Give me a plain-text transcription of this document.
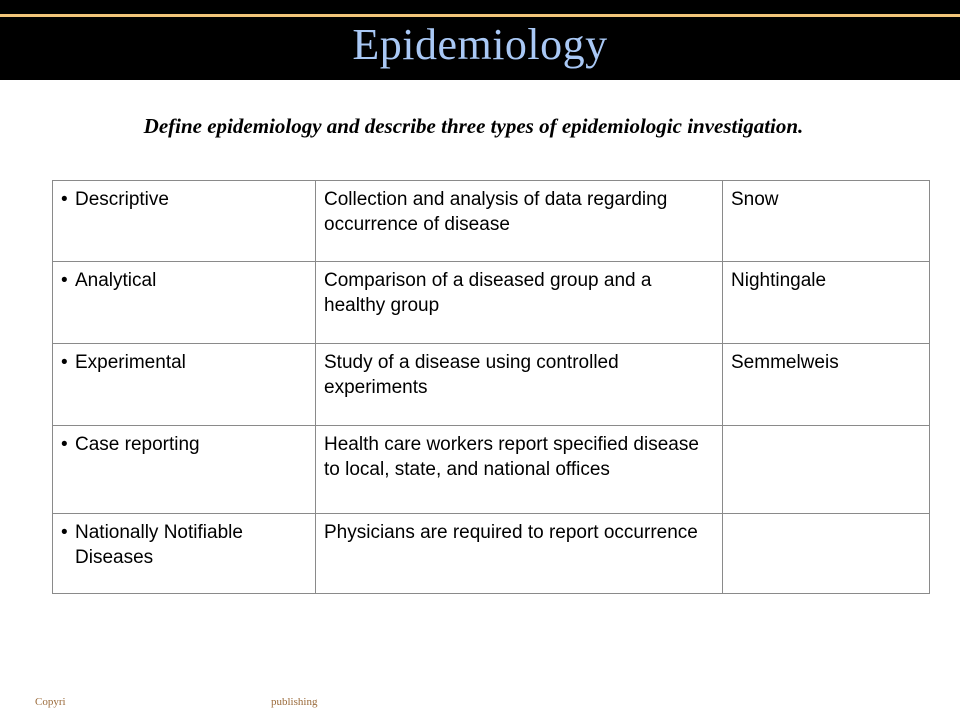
Epidemiology
Define epidemiology and describe three types of epidemiologic investigation.
• Descriptive	Collection and analysis of data regarding occurrence of disease	Snow
• Analytical	Comparison of a diseased group and a healthy group	Nightingale
• Experimental	Study of a disease using controlled experiments	Semmelweis
• Case reporting	Health care workers report specified disease to local, state, and national offices	
• Nationally Notifiable Diseases	Physicians are required to report occurrence	
Copyri	publishing
